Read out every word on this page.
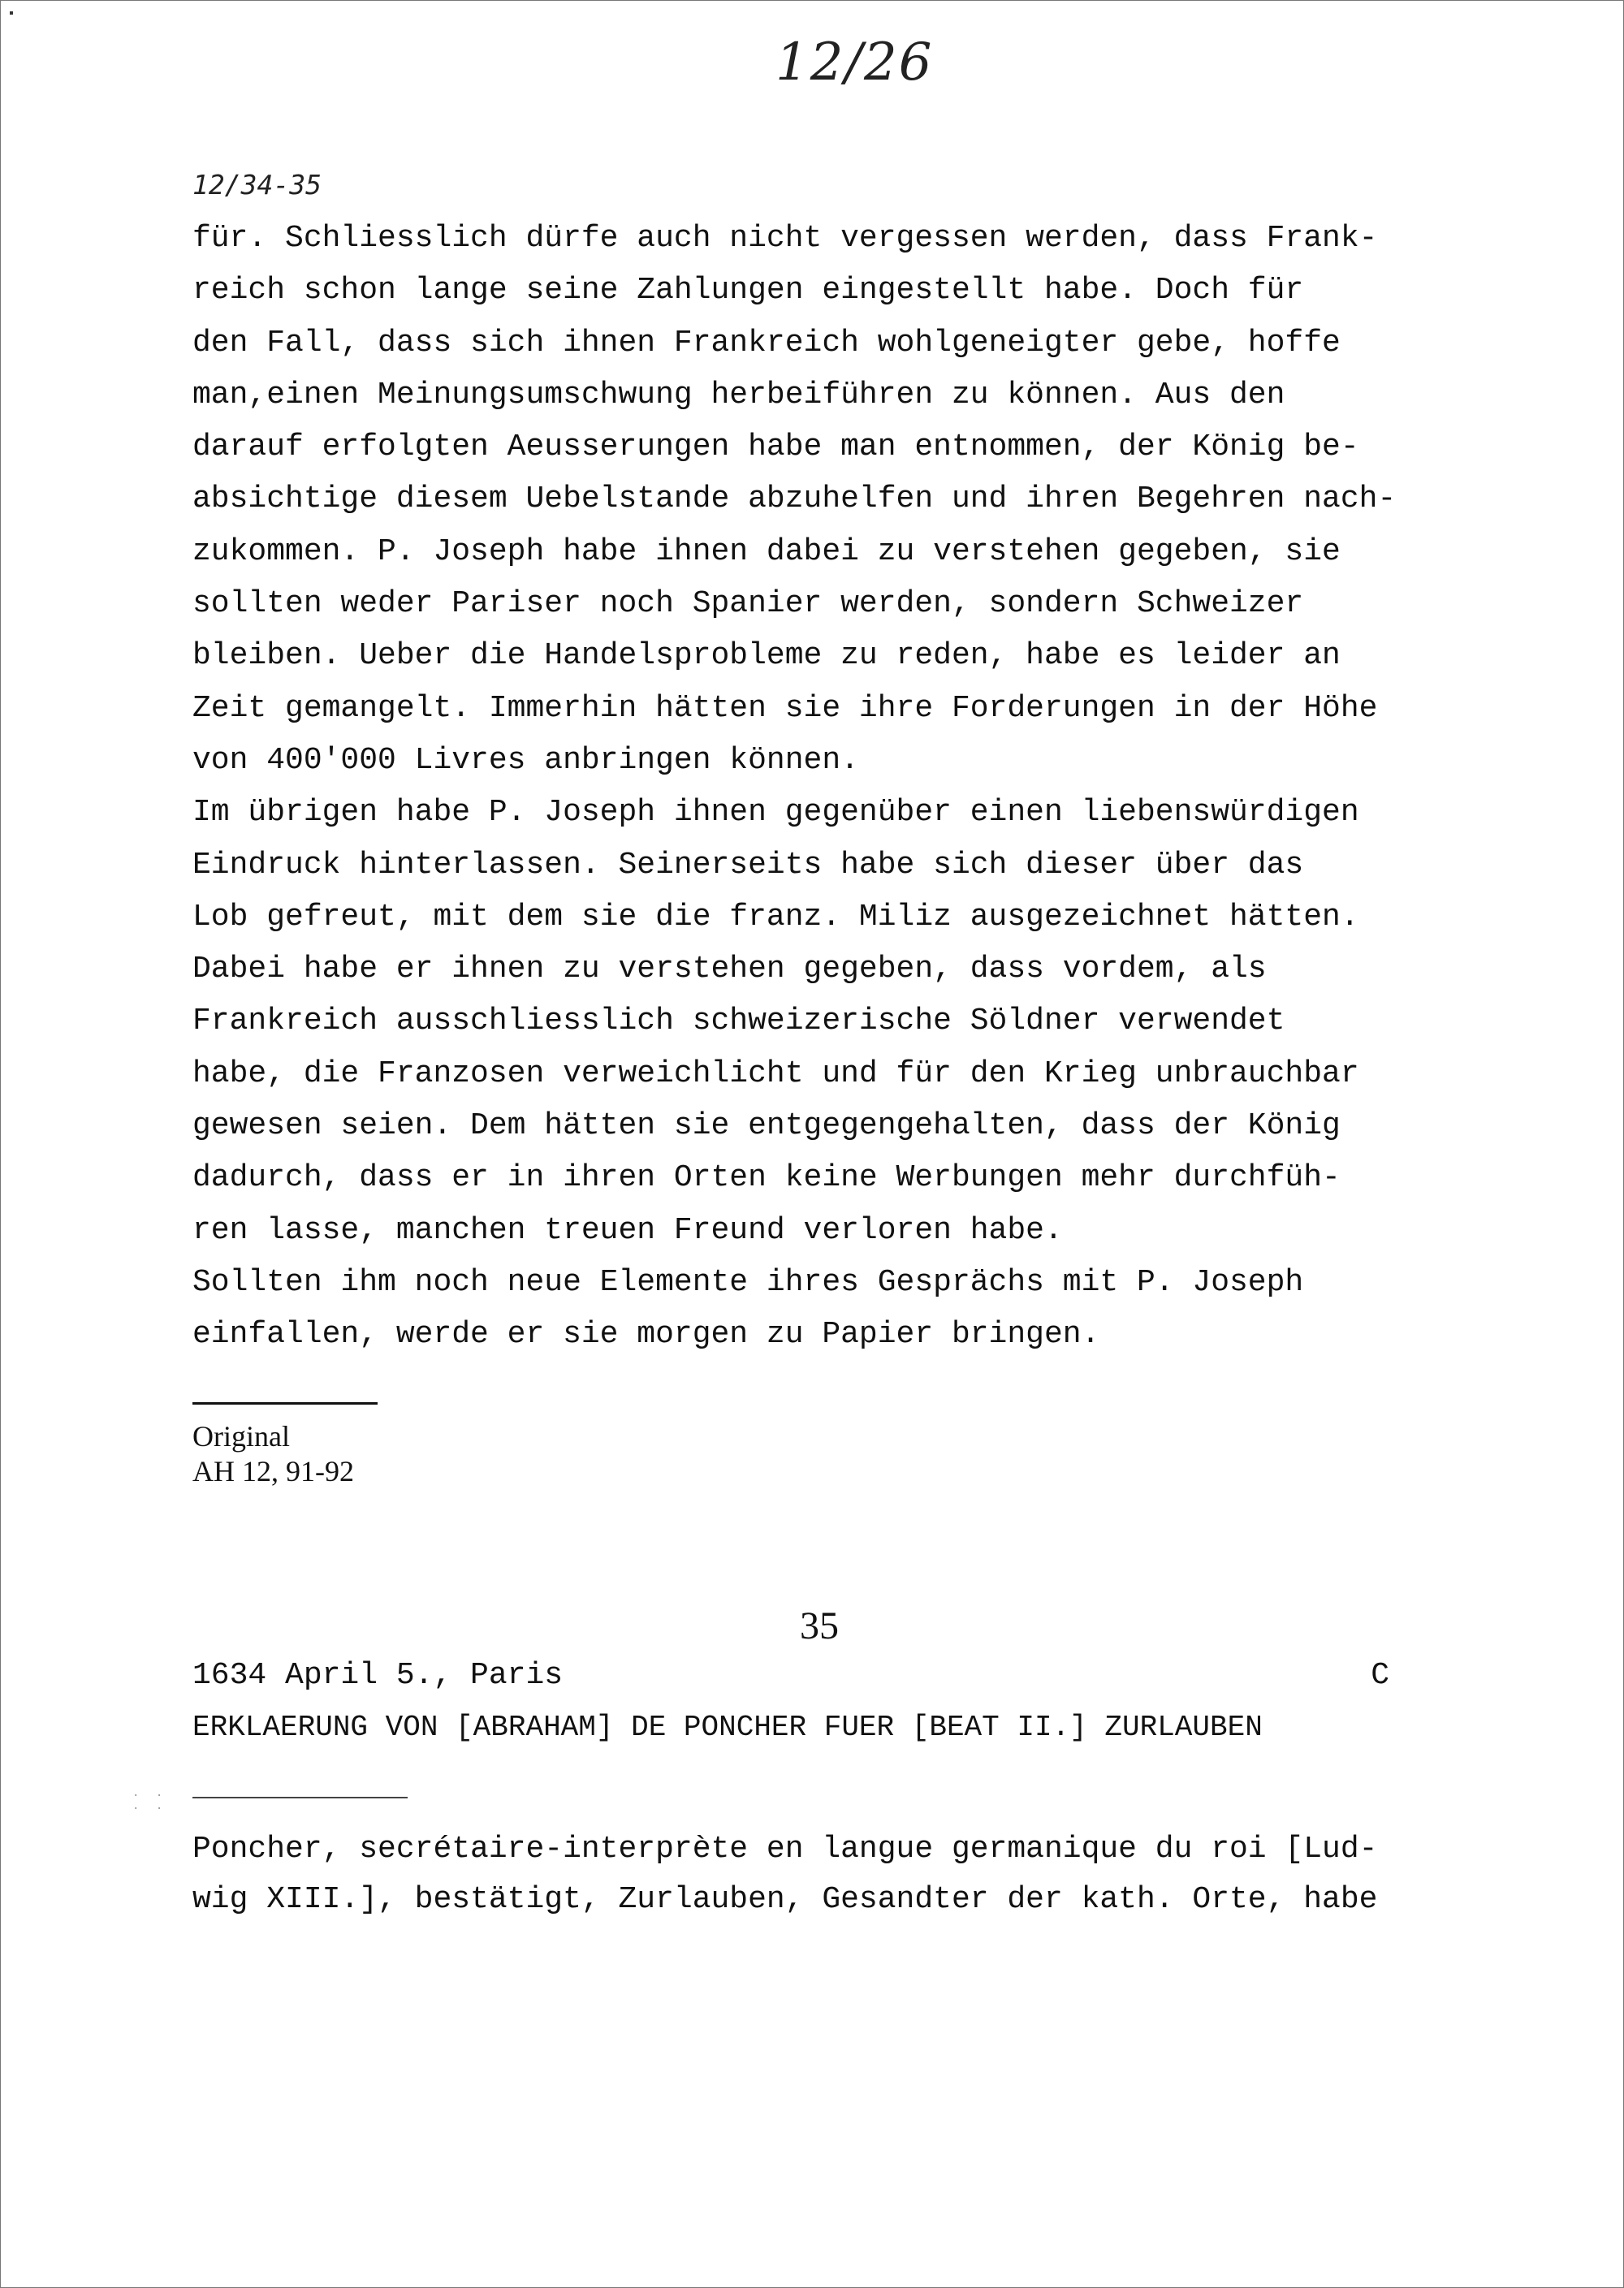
12/26
12/34-35
für. Schliesslich dürfe auch nicht vergessen werden, dass Frank-
reich schon lange seine Zahlungen eingestellt habe. Doch für
den Fall, dass sich ihnen Frankreich wohlgeneigter gebe, hoffe
man,einen Meinungsumschwung herbeiführen zu können. Aus den
darauf erfolgten Aeusserungen habe man entnommen, der König be-
absichtige diesem Uebelstande abzuhelfen und ihren Begehren nach-
zukommen. P. Joseph habe ihnen dabei zu verstehen gegeben, sie
sollten weder Pariser noch Spanier werden, sondern Schweizer
bleiben. Ueber die Handelsprobleme zu reden, habe es leider an
Zeit gemangelt. Immerhin hätten sie ihre Forderungen in der Höhe
von 400'000 Livres anbringen können.
Im übrigen habe P. Joseph ihnen gegenüber einen liebenswürdigen
Eindruck hinterlassen. Seinerseits habe sich dieser über das
Lob gefreut, mit dem sie die franz. Miliz ausgezeichnet hätten.
Dabei habe er ihnen zu verstehen gegeben, dass vordem, als
Frankreich ausschliesslich schweizerische Söldner verwendet
habe, die Franzosen verweichlicht und für den Krieg unbrauchbar
gewesen seien. Dem hätten sie entgegengehalten, dass der König
dadurch, dass er in ihren Orten keine Werbungen mehr durchfüh-
ren lasse, manchen treuen Freund verloren habe.
Sollten ihm noch neue Elemente ihres Gesprächs mit P. Joseph
einfallen, werde er sie morgen zu Papier bringen.
Original
AH 12, 91-92
35
1634 April 5., Paris	C
ERKLAERUNG VON [ABRAHAM] DE PONCHER FUER [BEAT II.] ZURLAUBEN
· · · ·
Poncher, secrétaire-interprète en langue germanique du roi [Lud-
wig XIII.], bestätigt, Zurlauben, Gesandter der kath. Orte, habe
